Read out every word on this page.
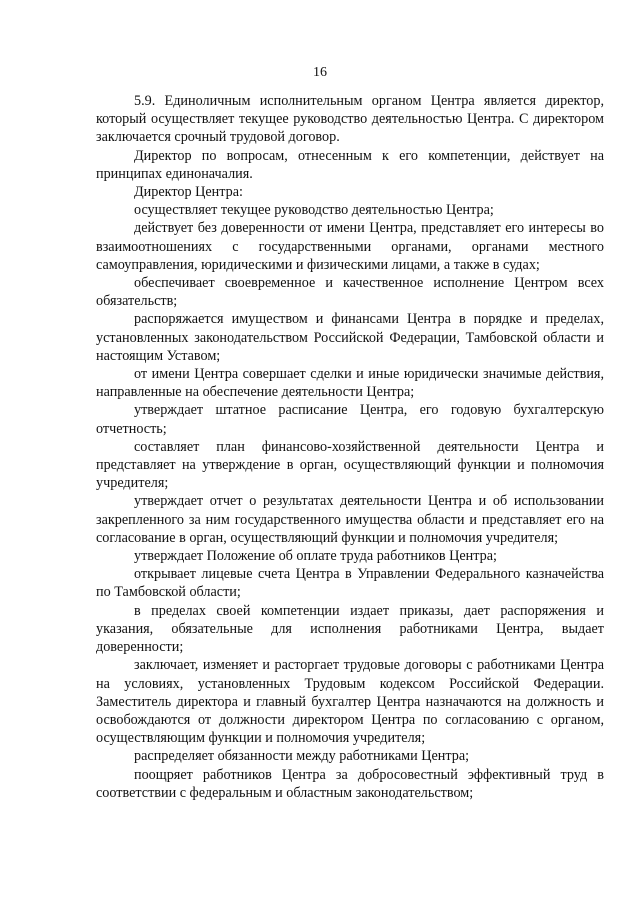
16

5.9. Единоличным исполнительным органом Центра является директор, который осуществляет текущее руководство деятельностью Центра. С директором заключается срочный трудовой договор.

Директор по вопросам, отнесенным к его компетенции, действует на принципах единоначалия.

Директор Центра:

осуществляет текущее руководство деятельностью Центра;

действует без доверенности от имени Центра, представляет его интересы во взаимоотношениях с государственными органами, органами местного самоуправления, юридическими и физическими лицами, а также в судах;

обеспечивает своевременное и качественное исполнение Центром всех обязательств;

распоряжается имуществом и финансами Центра в порядке и пределах, установленных законодательством Российской Федерации, Тамбовской области и настоящим Уставом;

от имени Центра совершает сделки и иные юридически значимые действия, направленные на обеспечение деятельности Центра;

утверждает штатное расписание Центра, его годовую бухгалтерскую отчетность;

составляет план финансово-хозяйственной деятельности Центра и представляет на утверждение в орган, осуществляющий функции и полномочия учредителя;

утверждает отчет о результатах деятельности Центра и об использовании закрепленного за ним государственного имущества области и представляет его на согласование в орган, осуществляющий функции и полномочия учредителя;

утверждает Положение об оплате труда работников Центра;

открывает лицевые счета Центра в Управлении Федерального казначейства по Тамбовской области;

в пределах своей компетенции издает приказы, дает распоряжения и указания, обязательные для исполнения работниками Центра, выдает доверенности;

заключает, изменяет и расторгает трудовые договоры с работниками Центра на условиях, установленных Трудовым кодексом Российской Федерации. Заместитель директора и главный бухгалтер Центра назначаются на должность и освобождаются от должности директором Центра по согласованию с органом, осуществляющим функции и полномочия учредителя;

распределяет обязанности между работниками Центра;

поощряет работников Центра за добросовестный эффективный труд в соответствии с федеральным и областным законодательством;
